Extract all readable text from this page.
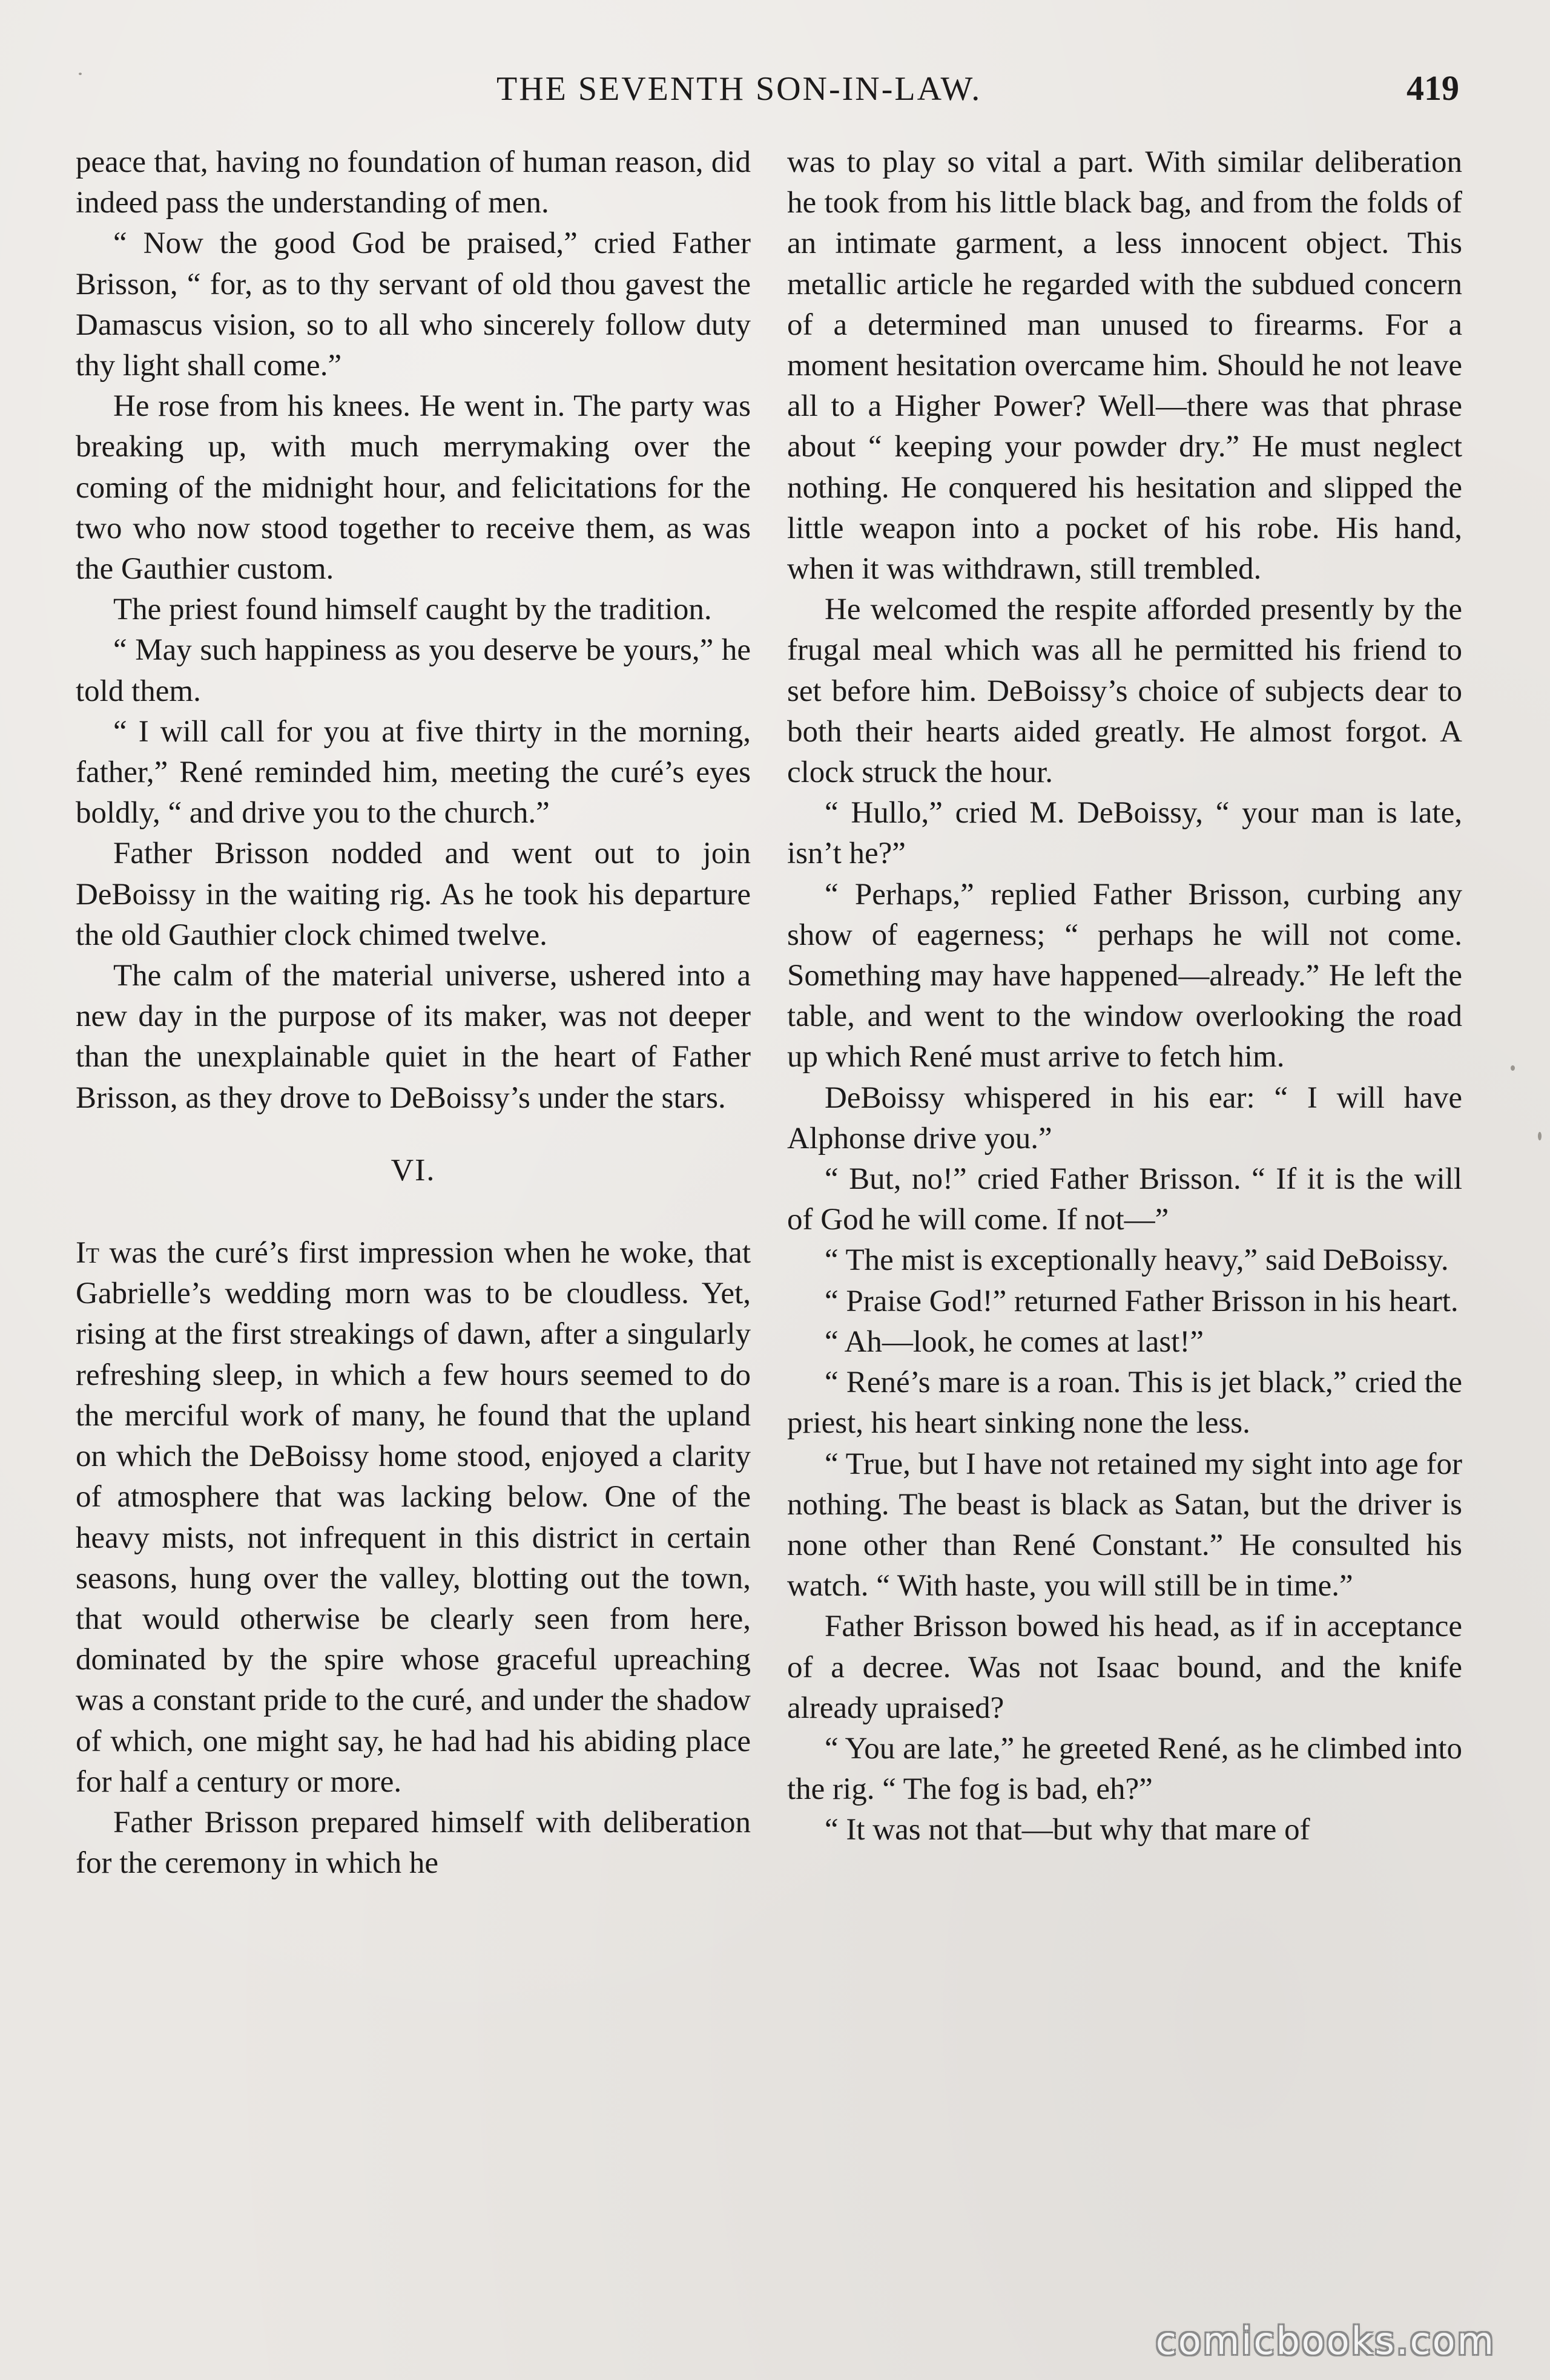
THE SEVENTH SON-IN-LAW.	419

peace that, having no foundation of human reason, did indeed pass the understanding of men.

“ Now the good God be praised,” cried Father Brisson, “ for, as to thy servant of old thou gavest the Damascus vision, so to all who sincerely follow duty thy light shall come.”

He rose from his knees. He went in. The party was breaking up, with much merrymaking over the coming of the midnight hour, and felicitations for the two who now stood together to receive them, as was the Gauthier custom.

The priest found himself caught by the tradition.

“ May such happiness as you deserve be yours,” he told them.

“ I will call for you at five thirty in the morning, father,” René reminded him, meeting the curé’s eyes boldly, “ and drive you to the church.”

Father Brisson nodded and went out to join DeBoissy in the waiting rig. As he took his departure the old Gauthier clock chimed twelve.

The calm of the material universe, ushered into a new day in the purpose of its maker, was not deeper than the unexplainable quiet in the heart of Father Brisson, as they drove to DeBoissy’s under the stars.

VI.

It was the curé’s first impression when he woke, that Gabrielle’s wedding morn was to be cloudless. Yet, rising at the first streakings of dawn, after a singularly refreshing sleep, in which a few hours seemed to do the merciful work of many, he found that the upland on which the DeBoissy home stood, enjoyed a clarity of atmosphere that was lacking below. One of the heavy mists, not infrequent in this district in certain seasons, hung over the valley, blotting out the town, that would otherwise be clearly seen from here, dominated by the spire whose graceful upreaching was a constant pride to the curé, and under the shadow of which, one might say, he had had his abiding place for half a century or more.

Father Brisson prepared himself with deliberation for the ceremony in which he

was to play so vital a part. With similar deliberation he took from his little black bag, and from the folds of an intimate garment, a less innocent object. This metallic article he regarded with the subdued concern of a determined man unused to firearms. For a moment hesitation overcame him. Should he not leave all to a Higher Power? Well—there was that phrase about “ keeping your powder dry.” He must neglect nothing. He conquered his hesitation and slipped the little weapon into a pocket of his robe. His hand, when it was withdrawn, still trembled.

He welcomed the respite afforded presently by the frugal meal which was all he permitted his friend to set before him. DeBoissy’s choice of subjects dear to both their hearts aided greatly. He almost forgot. A clock struck the hour.

“ Hullo,” cried M. DeBoissy, “ your man is late, isn’t he?”

“ Perhaps,” replied Father Brisson, curbing any show of eagerness; “ perhaps he will not come. Something may have happened—already.” He left the table, and went to the window overlooking the road up which René must arrive to fetch him.

DeBoissy whispered in his ear: “ I will have Alphonse drive you.”

“ But, no!” cried Father Brisson. “ If it is the will of God he will come. If not—”

“ The mist is exceptionally heavy,” said DeBoissy.

“ Praise God!” returned Father Brisson in his heart.

“ Ah—look, he comes at last!”

“ René’s mare is a roan. This is jet black,” cried the priest, his heart sinking none the less.

“ True, but I have not retained my sight into age for nothing. The beast is black as Satan, but the driver is none other than René Constant.” He consulted his watch. “ With haste, you will still be in time.”

Father Brisson bowed his head, as if in acceptance of a decree. Was not Isaac bound, and the knife already upraised?

“ You are late,” he greeted René, as he climbed into the rig. “ The fog is bad, eh?”

“ It was not that—but why that mare of

comicbooks.com
